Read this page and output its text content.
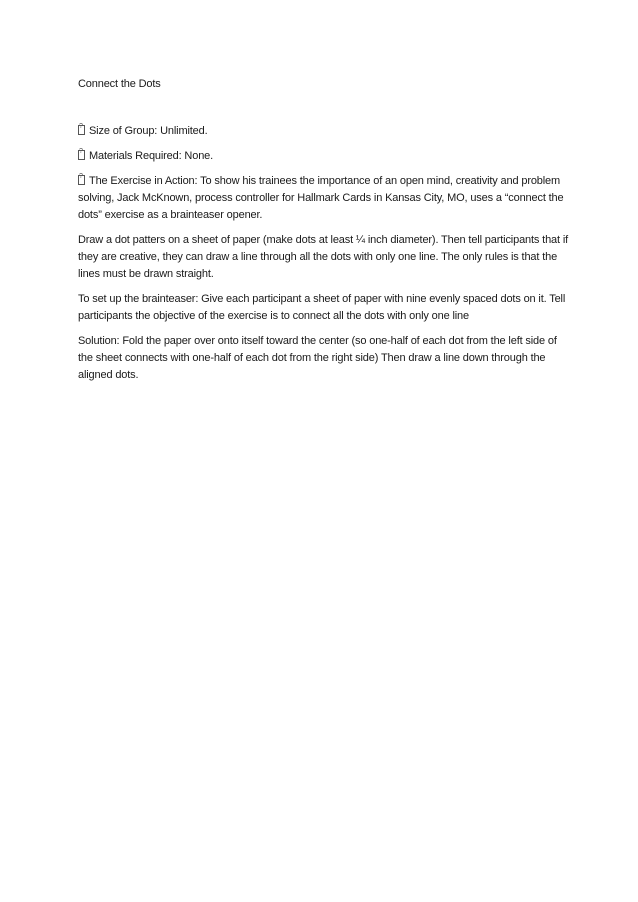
Connect the Dots

?Size of Group: Unlimited.

?Materials Required: None.

?The Exercise in Action: To show his trainees the importance of an open mind, creativity and problem solving, Jack McKnown, process controller for Hallmark Cards in Kansas City, MO, uses a “connect the dots” exercise as a brainteaser opener.

Draw a dot patters on a sheet of paper (make dots at least ¼ inch diameter). Then tell participants that if they are creative, they can draw a line through all the dots with only one line. The only rules is that the lines must be drawn straight.

To set up the brainteaser: Give each participant a sheet of paper with nine evenly spaced dots on it. Tell participants the objective of the exercise is to connect all the dots with only one line

Solution: Fold the paper over onto itself toward the center (so one-half of each dot from the left side of the sheet connects with one-half of each dot from the right side) Then draw a line down through the aligned dots.
